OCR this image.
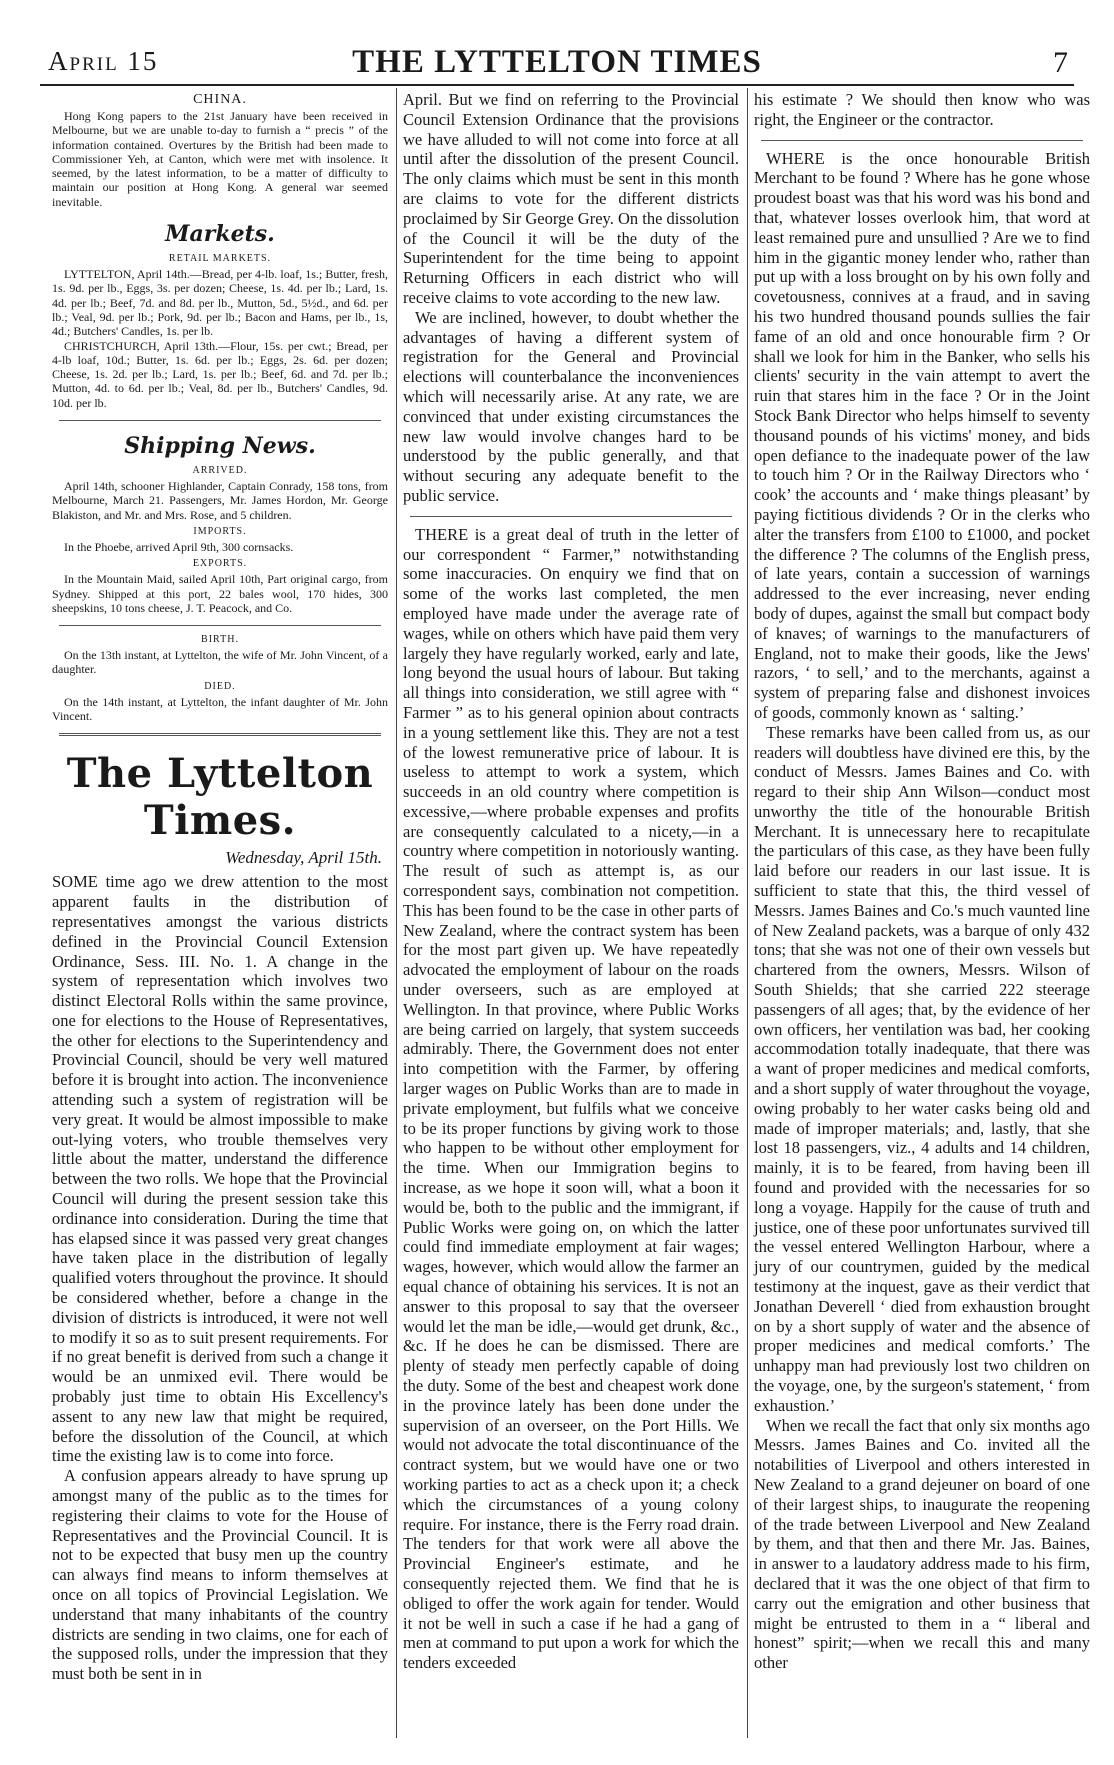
April 15	THE LYTTELTON TIMES	7
CHINA.

Hong Kong papers to the 21st January have been received in Melbourne, but we are unable to-day to furnish a “ precis ” of the information contained. Overtures by the British had been made to Commissioner Yeh, at Canton, which were met with insolence. It seemed, by the latest information, to be a matter of difficulty to maintain our position at Hong Kong. A general war seemed inevitable.

Markets.
RETAIL MARKETS.

LYTTELTON, April 14th.—Bread, per 4-lb. loaf, 1s.; Butter, fresh, 1s. 9d. per lb., Eggs, 3s. per dozen; Cheese, 1s. 4d. per lb.; Lard, 1s. 4d. per lb.; Beef, 7d. and 8d. per lb., Mutton, 5d., 5½d., and 6d. per lb.; Veal, 9d. per lb.; Pork, 9d. per lb.; Bacon and Hams, per lb., 1s, 4d.; Butchers' Candles, 1s. per lb.

CHRISTCHURCH, April 13th.—Flour, 15s. per cwt.; Bread, per 4-lb loaf, 10d.; Butter, 1s. 6d. per lb.; Eggs, 2s. 6d. per dozen; Cheese, 1s. 2d. per lb.; Lard, 1s. per lb.; Beef, 6d. and 7d. per lb.; Mutton, 4d. to 6d. per lb.; Veal, 8d. per lb., Butchers' Candles, 9d. 10d. per lb.

Shipping News.
ARRIVED.

April 14th, schooner Highlander, Captain Conrady, 158 tons, from Melbourne, March 21. Passengers, Mr. James Hordon, Mr. George Blakiston, and Mr. and Mrs. Rose, and 5 children.

IMPORTS.

In the Phoebe, arrived April 9th, 300 cornsacks.

EXPORTS.

In the Mountain Maid, sailed April 10th, Part original cargo, from Sydney. Shipped at this port, 22 bales wool, 170 hides, 300 sheepskins, 10 tons cheese, J. T. Peacock, and Co.

BIRTH.

On the 13th instant, at Lyttelton, the wife of Mr. John Vincent, of a daughter.

DIED.

On the 14th instant, at Lyttelton, the infant daughter of Mr. John Vincent.

The Lyttelton Times.
Wednesday, April 15th.

SOME time ago we drew attention to the most apparent faults in the distribution of representatives amongst the various districts defined in the Provincial Council Extension Ordinance, Sess. III. No. 1. A change in the system of representation which involves two distinct Electoral Rolls within the same province, one for elections to the House of Representatives, the other for elections to the Superintendency and Provincial Council, should be very well matured before it is brought into action. The inconvenience attending such a system of registration will be very great. It would be almost impossible to make out-lying voters, who trouble themselves very little about the matter, understand the difference between the two rolls. We hope that the Provincial Council will during the present session take this ordinance into consideration. During the time that has elapsed since it was passed very great changes have taken place in the distribution of legally qualified voters throughout the province. It should be considered whether, before a change in the division of districts is introduced, it were not well to modify it so as to suit present requirements. For if no great benefit is derived from such a change it would be an unmixed evil. There would be probably just time to obtain His Excellency's assent to any new law that might be required, before the dissolution of the Council, at which time the existing law is to come into force.

A confusion appears already to have sprung up amongst many of the public as to the times for registering their claims to vote for the House of Representatives and the Provincial Council. It is not to be expected that busy men up the country can always find means to inform themselves at once on all topics of Provincial Legislation. We understand that many inhabitants of the country districts are sending in two claims, one for each of the supposed rolls, under the impression that they must both be sent in in

April. But we find on referring to the Provincial Council Extension Ordinance that the provisions we have alluded to will not come into force at all until after the dissolution of the present Council. The only claims which must be sent in this month are claims to vote for the different districts proclaimed by Sir George Grey. On the dissolution of the Council it will be the duty of the Superintendent for the time being to appoint Returning Officers in each district who will receive claims to vote according to the new law.

We are inclined, however, to doubt whether the advantages of having a different system of registration for the General and Provincial elections will counterbalance the inconveniences which will necessarily arise. At any rate, we are convinced that under existing circumstances the new law would involve changes hard to be understood by the public generally, and that without securing any adequate benefit to the public service.

THERE is a great deal of truth in the letter of our correspondent “ Farmer,” notwithstanding some inaccuracies. On enquiry we find that on some of the works last completed, the men employed have made under the average rate of wages, while on others which have paid them very largely they have regularly worked, early and late, long beyond the usual hours of labour. But taking all things into consideration, we still agree with “ Farmer ” as to his general opinion about contracts in a young settlement like this. They are not a test of the lowest remunerative price of labour. It is useless to attempt to work a system, which succeeds in an old country where competition is excessive,—where probable expenses and profits are consequently calculated to a nicety,—in a country where competition in notoriously wanting. The result of such as attempt is, as our correspondent says, combination not competition. This has been found to be the case in other parts of New Zealand, where the contract system has been for the most part given up. We have repeatedly advocated the employment of labour on the roads under overseers, such as are employed at Wellington. In that province, where Public Works are being carried on largely, that system succeeds admirably. There, the Government does not enter into competition with the Farmer, by offering larger wages on Public Works than are to made in private employment, but fulfils what we conceive to be its proper functions by giving work to those who happen to be without other employment for the time. When our Immigration begins to increase, as we hope it soon will, what a boon it would be, both to the public and the immigrant, if Public Works were going on, on which the latter could find immediate employment at fair wages; wages, however, which would allow the farmer an equal chance of obtaining his services. It is not an answer to this proposal to say that the overseer would let the man be idle,—would get drunk, &c., &c. If he does he can be dismissed. There are plenty of steady men perfectly capable of doing the duty. Some of the best and cheapest work done in the province lately has been done under the supervision of an overseer, on the Port Hills. We would not advocate the total discontinuance of the contract system, but we would have one or two working parties to act as a check upon it; a check which the circumstances of a young colony require. For instance, there is the Ferry road drain. The tenders for that work were all above the Provincial Engineer's estimate, and he consequently rejected them. We find that he is obliged to offer the work again for tender. Would it not be well in such a case if he had a gang of men at command to put upon a work for which the tenders exceeded

his estimate ? We should then know who was right, the Engineer or the contractor.

WHERE is the once honourable British Merchant to be found ? Where has he gone whose proudest boast was that his word was his bond and that, whatever losses overlook him, that word at least remained pure and unsullied ? Are we to find him in the gigantic money lender who, rather than put up with a loss brought on by his own folly and covetousness, connives at a fraud, and in saving his two hundred thousand pounds sullies the fair fame of an old and once honourable firm ? Or shall we look for him in the Banker, who sells his clients' security in the vain attempt to avert the ruin that stares him in the face ? Or in the Joint Stock Bank Director who helps himself to seventy thousand pounds of his victims' money, and bids open defiance to the inadequate power of the law to touch him ? Or in the Railway Directors who ‘ cook’ the accounts and ‘ make things pleasant’ by paying fictitious dividends ? Or in the clerks who alter the transfers from £100 to £1000, and pocket the difference ? The columns of the English press, of late years, contain a succession of warnings addressed to the ever increasing, never ending body of dupes, against the small but compact body of knaves; of warnings to the manufacturers of England, not to make their goods, like the Jews' razors, ‘ to sell,’ and to the merchants, against a system of preparing false and dishonest invoices of goods, commonly known as ‘ salting.’

These remarks have been called from us, as our readers will doubtless have divined ere this, by the conduct of Messrs. James Baines and Co. with regard to their ship Ann Wilson—conduct most unworthy the title of the honourable British Merchant. It is unnecessary here to recapitulate the particulars of this case, as they have been fully laid before our readers in our last issue. It is sufficient to state that this, the third vessel of Messrs. James Baines and Co.'s much vaunted line of New Zealand packets, was a barque of only 432 tons; that she was not one of their own vessels but chartered from the owners, Messrs. Wilson of South Shields; that she carried 222 steerage passengers of all ages; that, by the evidence of her own officers, her ventilation was bad, her cooking accommodation totally inadequate, that there was a want of proper medicines and medical comforts, and a short supply of water throughout the voyage, owing probably to her water casks being old and made of improper materials; and, lastly, that she lost 18 passengers, viz., 4 adults and 14 children, mainly, it is to be feared, from having been ill found and provided with the necessaries for so long a voyage. Happily for the cause of truth and justice, one of these poor unfortunates survived till the vessel entered Wellington Harbour, where a jury of our countrymen, guided by the medical testimony at the inquest, gave as their verdict that Jonathan Deverell ‘ died from exhaustion brought on by a short supply of water and the absence of proper medicines and medical comforts.’ The unhappy man had previously lost two children on the voyage, one, by the surgeon's statement, ‘ from exhaustion.’

When we recall the fact that only six months ago Messrs. James Baines and Co. invited all the notabilities of Liverpool and others interested in New Zealand to a grand dejeuner on board of one of their largest ships, to inaugurate the reopening of the trade between Liverpool and New Zealand by them, and that then and there Mr. Jas. Baines, in answer to a laudatory address made to his firm, declared that it was the one object of that firm to carry out the emigration and other business that might be entrusted to them in a “ liberal and honest” spirit;—when we recall this and many other
